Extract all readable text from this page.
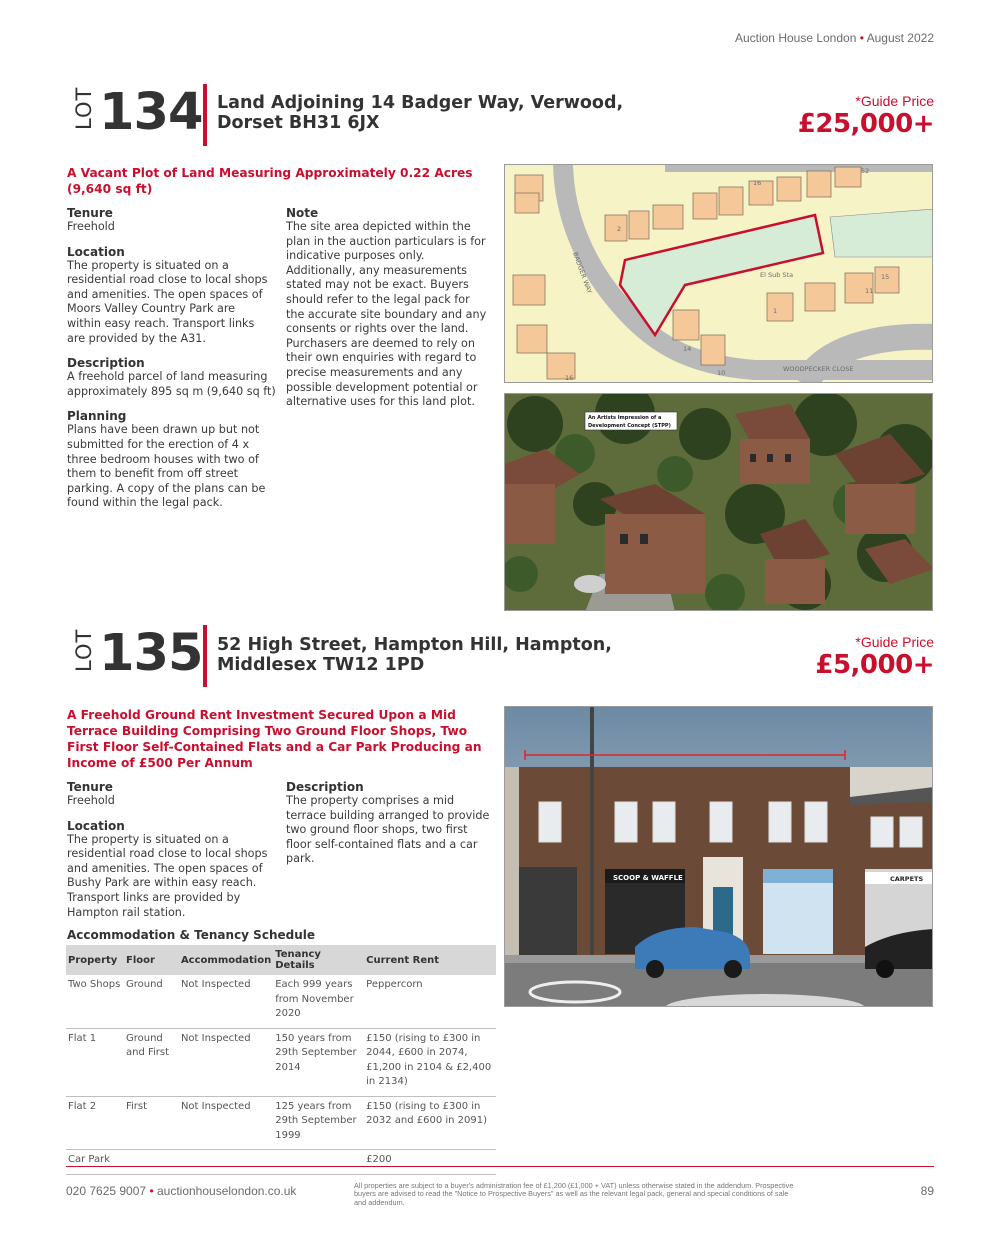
Auction House London • August 2022
LOT 134 Land Adjoining 14 Badger Way, Verwood,
Dorset BH31 6JX
*Guide Price
£25,000+
A Vacant Plot of Land Measuring Approximately 0.22 Acres
(9,640 sq ft)
Tenure
Freehold
Location
The property is situated on a
residential road close to local shops
and amenities. The open spaces of
Moors Valley Country Park are
within easy reach. Transport links
are provided by the A31.
Description
A freehold parcel of land measuring
approximately 895 sq m (9,640 sq ft)
Planning
Plans have been drawn up but not
submitted for the erection of 4 x
three bedroom houses with two of
them to benefit from off street
parking. A copy of the plans can be
found within the legal pack.
Note
The site area depicted within the
plan in the auction particulars is for
indicative purposes only.
Additionally, any measurements
stated may not be exact. Buyers
should refer to the legal pack for
the accurate site boundary and any
consents or rights over the land.
Purchasers are deemed to rely on
their own enquiries with regard to
precise measurements and any
possible development potential or
alternative uses for this land plot.
BADGER WAY
WOODPECKER CLOSE
El Sub Sta
2
1
11
15
10
14
16
16
52
An Artists Impression of a
Development Concept (STPP)
LOT 135 52 High Street, Hampton Hill, Hampton,
Middlesex TW12 1PD
*Guide Price
£5,000+
A Freehold Ground Rent Investment Secured Upon a Mid
Terrace Building Comprising Two Ground Floor Shops, Two
First Floor Self-Contained Flats and a Car Park Producing an
Income of £500 Per Annum
Tenure
Freehold
Location
The property is situated on a
residential road close to local shops
and amenities. The open spaces of
Bushy Park are within easy reach.
Transport links are provided by
Hampton rail station.
Description
The property comprises a mid
terrace building arranged to provide
two ground floor shops, two first
floor self-contained flats and a car
park.
SCOOP & WAFFLE	CARPETS
Accommodation & Tenancy Schedule
Property	Floor	Accommodation	Tenancy Details	Current Rent
Two Shops	Ground	Not Inspected	Each 999 years from November 2020	Peppercorn
Flat 1	Ground and First	Not Inspected	150 years from 29th September 2014	£150 (rising to £300 in 2044, £600 in 2074, £1,200 in 2104 & £2,400 in 2134)
Flat 2	First	Not Inspected	125 years from 29th September 1999	£150 (rising to £300 in 2032 and £600 in 2091)
Car Park				£200
020 7625 9007 • auctionhouselondon.co.uk	All properties are subject to a buyer's administration fee of £1,200 (£1,000 + VAT) unless otherwise stated in the addendum. Prospective
buyers are advised to read the "Notice to Prospective Buyers" as well as the relevant legal pack, general and special conditions of sale
and addendum.
89
